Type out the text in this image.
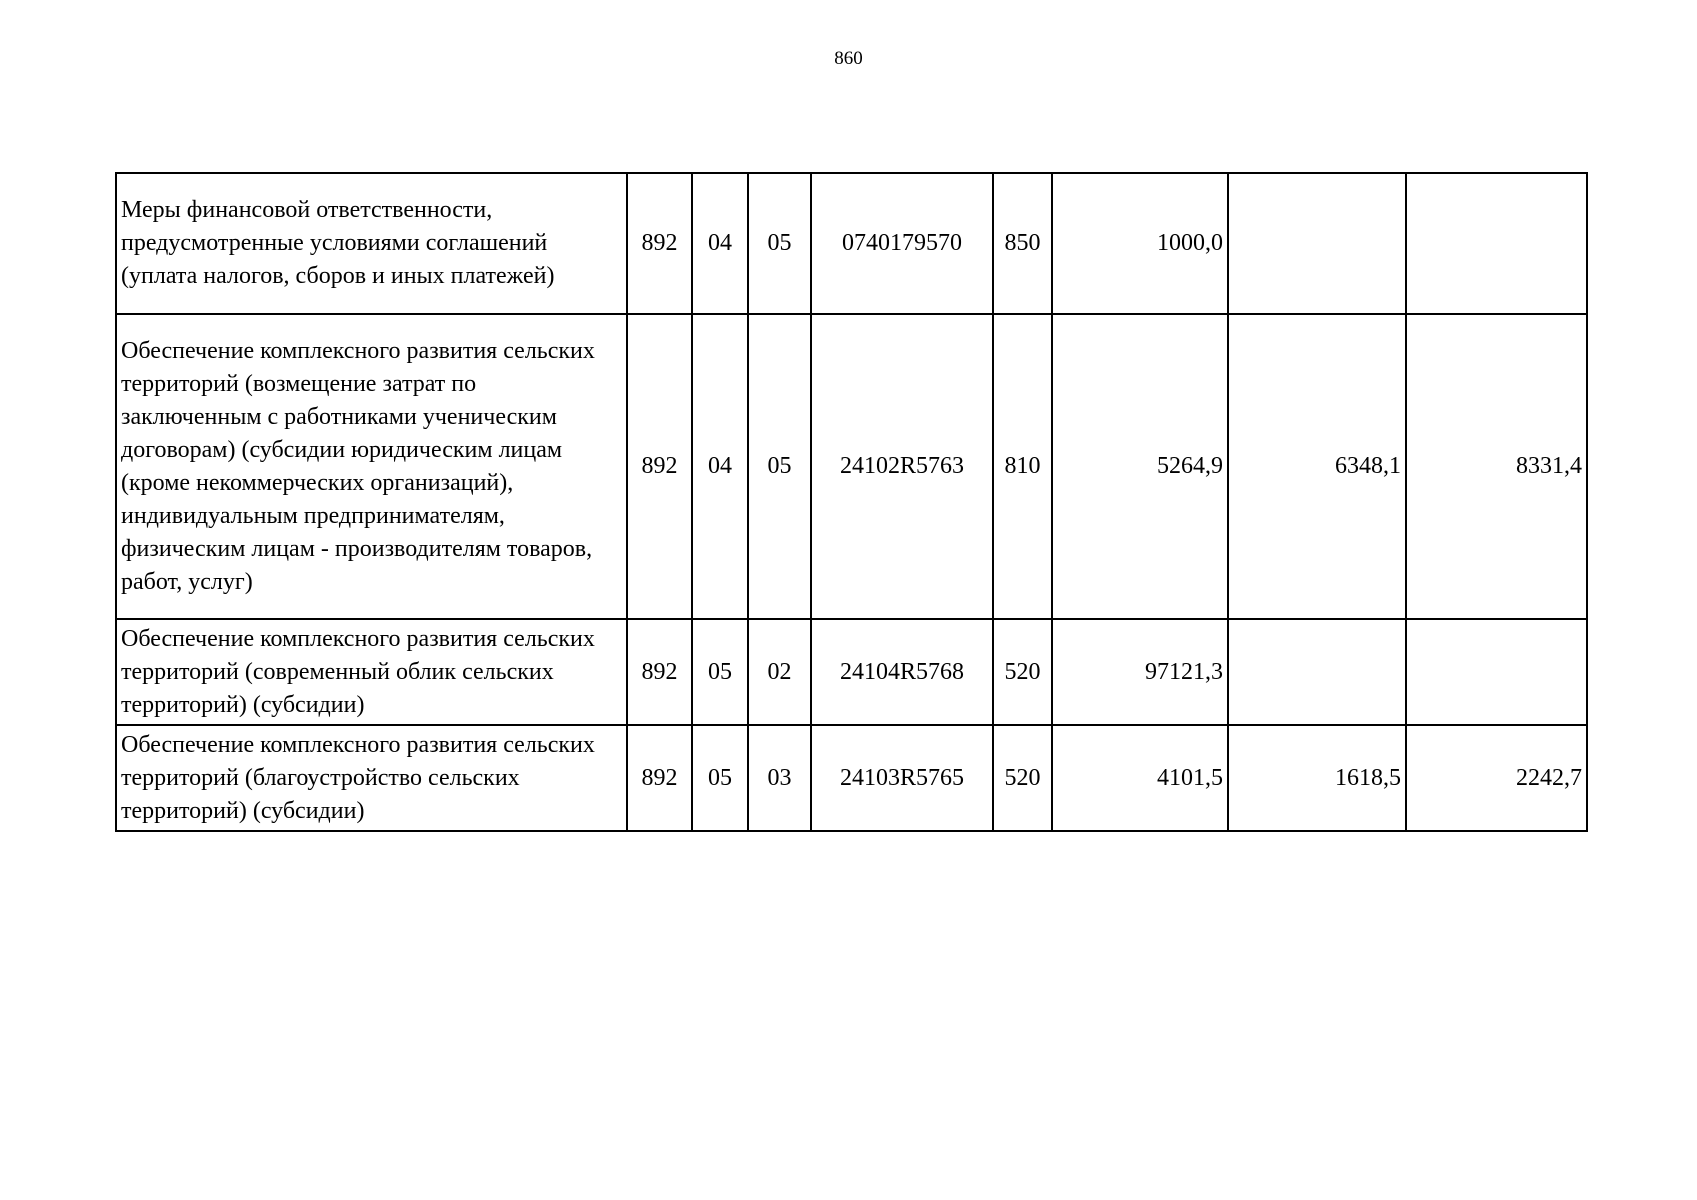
860
Меры финансовой ответственности, предусмотренные условиями соглашений (уплата налогов, сборов и иных платежей)	892	04	05	0740179570	850	1000,0		
Обеспечение комплексного развития сельских территорий (возмещение затрат по заключенным с работниками ученическим договорам) (субсидии юридическим лицам (кроме некоммерческих организаций), индивидуальным предпринимателям, физическим лицам - производителям товаров, работ, услуг)	892	04	05	24102R5763	810	5264,9	6348,1	8331,4
Обеспечение комплексного развития сельских территорий (современный облик сельских территорий) (субсидии)	892	05	02	24104R5768	520	97121,3		
Обеспечение комплексного развития сельских территорий (благоустройство сельских территорий) (субсидии)	892	05	03	24103R5765	520	4101,5	1618,5	2242,7
